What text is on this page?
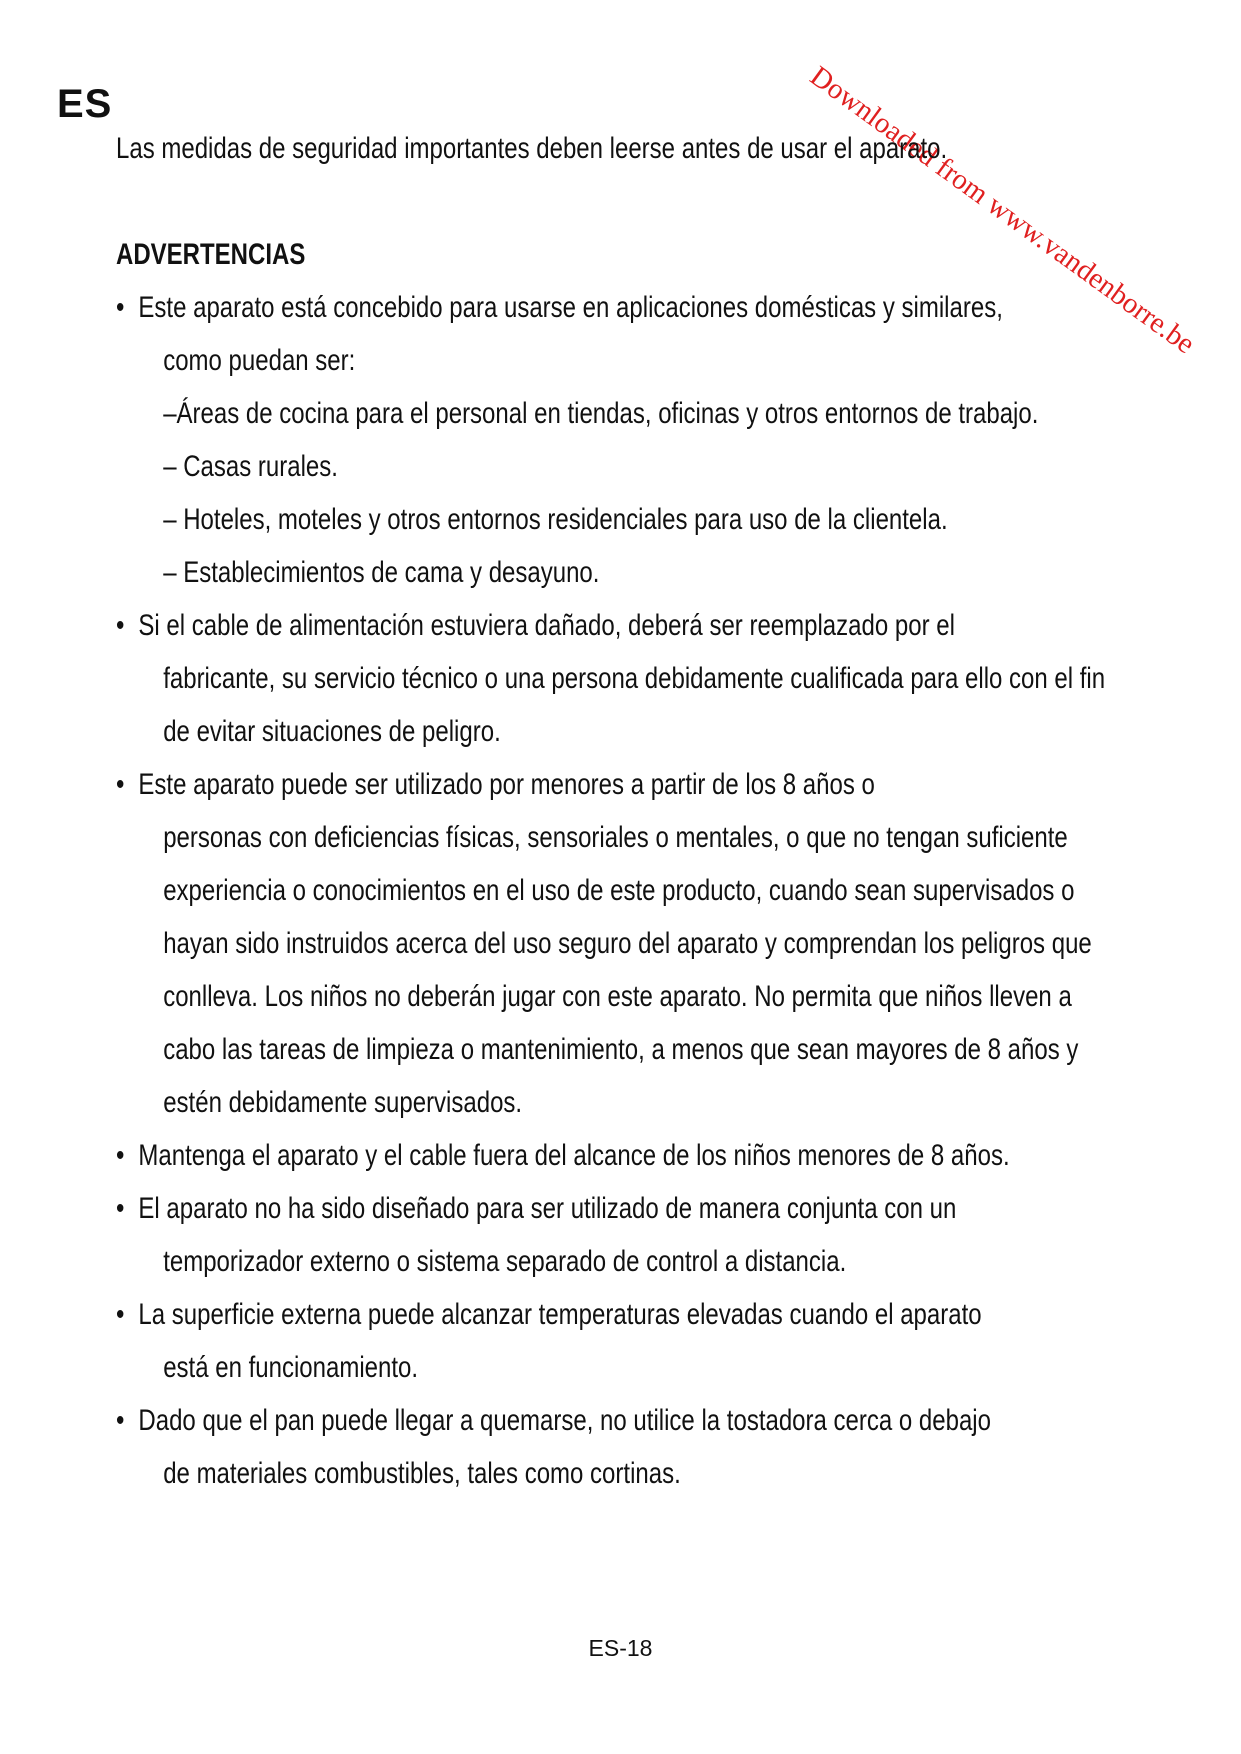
ES	Downloaded from www.vandenborre.be

Las medidas de seguridad importantes deben leerse antes de usar el aparato.

ADVERTENCIAS

• Este aparato está concebido para usarse en aplicaciones domésticas y similares,
como puedan ser:
–Áreas de cocina para el personal en tiendas, oficinas y otros entornos de trabajo.
– Casas rurales.
– Hoteles, moteles y otros entornos residenciales para uso de la clientela.
– Establecimientos de cama y desayuno.
• Si el cable de alimentación estuviera dañado, deberá ser reemplazado por el
fabricante, su servicio técnico o una persona debidamente cualificada para ello con el fin de evitar situaciones de peligro.
• Este aparato puede ser utilizado por menores a partir de los 8 años o
personas con deficiencias físicas, sensoriales o mentales, o que no tengan suficiente experiencia o conocimientos en el uso de este producto, cuando sean supervisados o hayan sido instruidos acerca del uso seguro del aparato y comprendan los peligros que conlleva. Los niños no deberán jugar con este aparato. No permita que niños lleven a cabo las tareas de limpieza o mantenimiento, a menos que sean mayores de 8 años y estén debidamente supervisados.
• Mantenga el aparato y el cable fuera del alcance de los niños menores de 8 años.
• El aparato no ha sido diseñado para ser utilizado de manera conjunta con un
temporizador externo o sistema separado de control a distancia.
• La superficie externa puede alcanzar temperaturas elevadas cuando el aparato
está en funcionamiento.
• Dado que el pan puede llegar a quemarse, no utilice la tostadora cerca o debajo
de materiales combustibles, tales como cortinas.
ES-18
